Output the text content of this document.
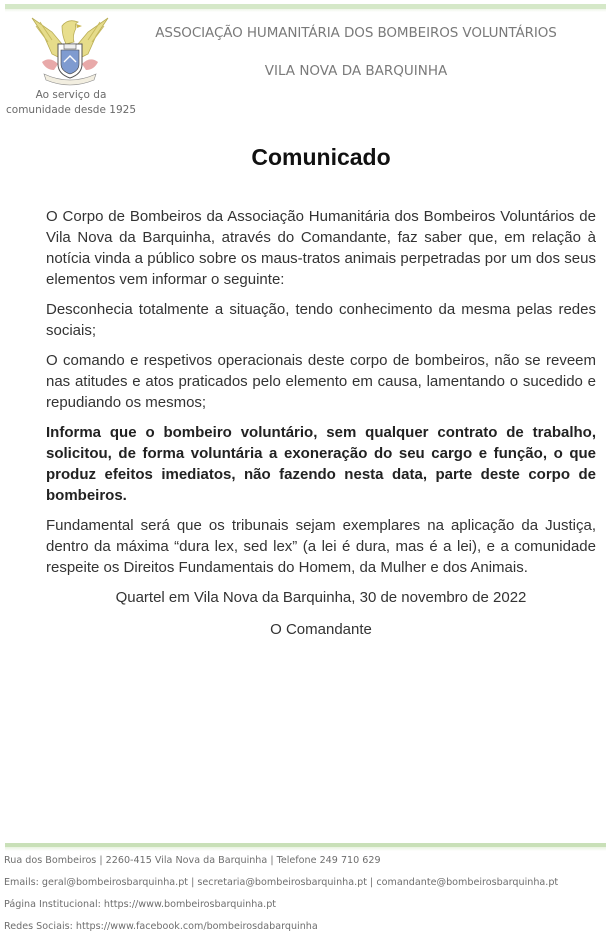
Ao serviço da
comunidade desde 1925
ASSOCIAÇÃO HUMANITÁRIA DOS BOMBEIROS VOLUNTÁRIOS
VILA NOVA DA BARQUINHA
Comunicado

O Corpo de Bombeiros da Associação Humanitária dos Bombeiros Voluntários de Vila Nova da Barquinha, através do Comandante, faz saber que, em relação à notícia vinda a público sobre os maus-tratos animais perpetradas por um dos seus elementos vem informar o seguinte:

Desconhecia totalmente a situação, tendo conhecimento da mesma pelas redes sociais;

O comando e respetivos operacionais deste corpo de bombeiros, não se reveem nas atitudes e atos praticados pelo elemento em causa, lamentando o sucedido e repudiando os mesmos;

Informa que o bombeiro voluntário, sem qualquer contrato de trabalho, solicitou, de forma voluntária a exoneração do seu cargo e função, o que produz efeitos imediatos, não fazendo nesta data, parte deste corpo de bombeiros.

Fundamental será que os tribunais sejam exemplares na aplicação da Justiça, dentro da máxima “dura lex, sed lex” (a lei é dura, mas é a lei), e a comunidade respeite os Direitos Fundamentais do Homem, da Mulher e dos Animais.

Quartel em Vila Nova da Barquinha, 30 de novembro de 2022

O Comandante

Rua dos Bombeiros | 2260-415 Vila Nova da Barquinha | Telefone 249 710 629
Emails: geral@bombeirosbarquinha.pt | secretaria@bombeirosbarquinha.pt | comandante@bombeirosbarquinha.pt
Página Institucional: https://www.bombeirosbarquinha.pt
Redes Sociais: https://www.facebook.com/bombeirosdabarquinha
